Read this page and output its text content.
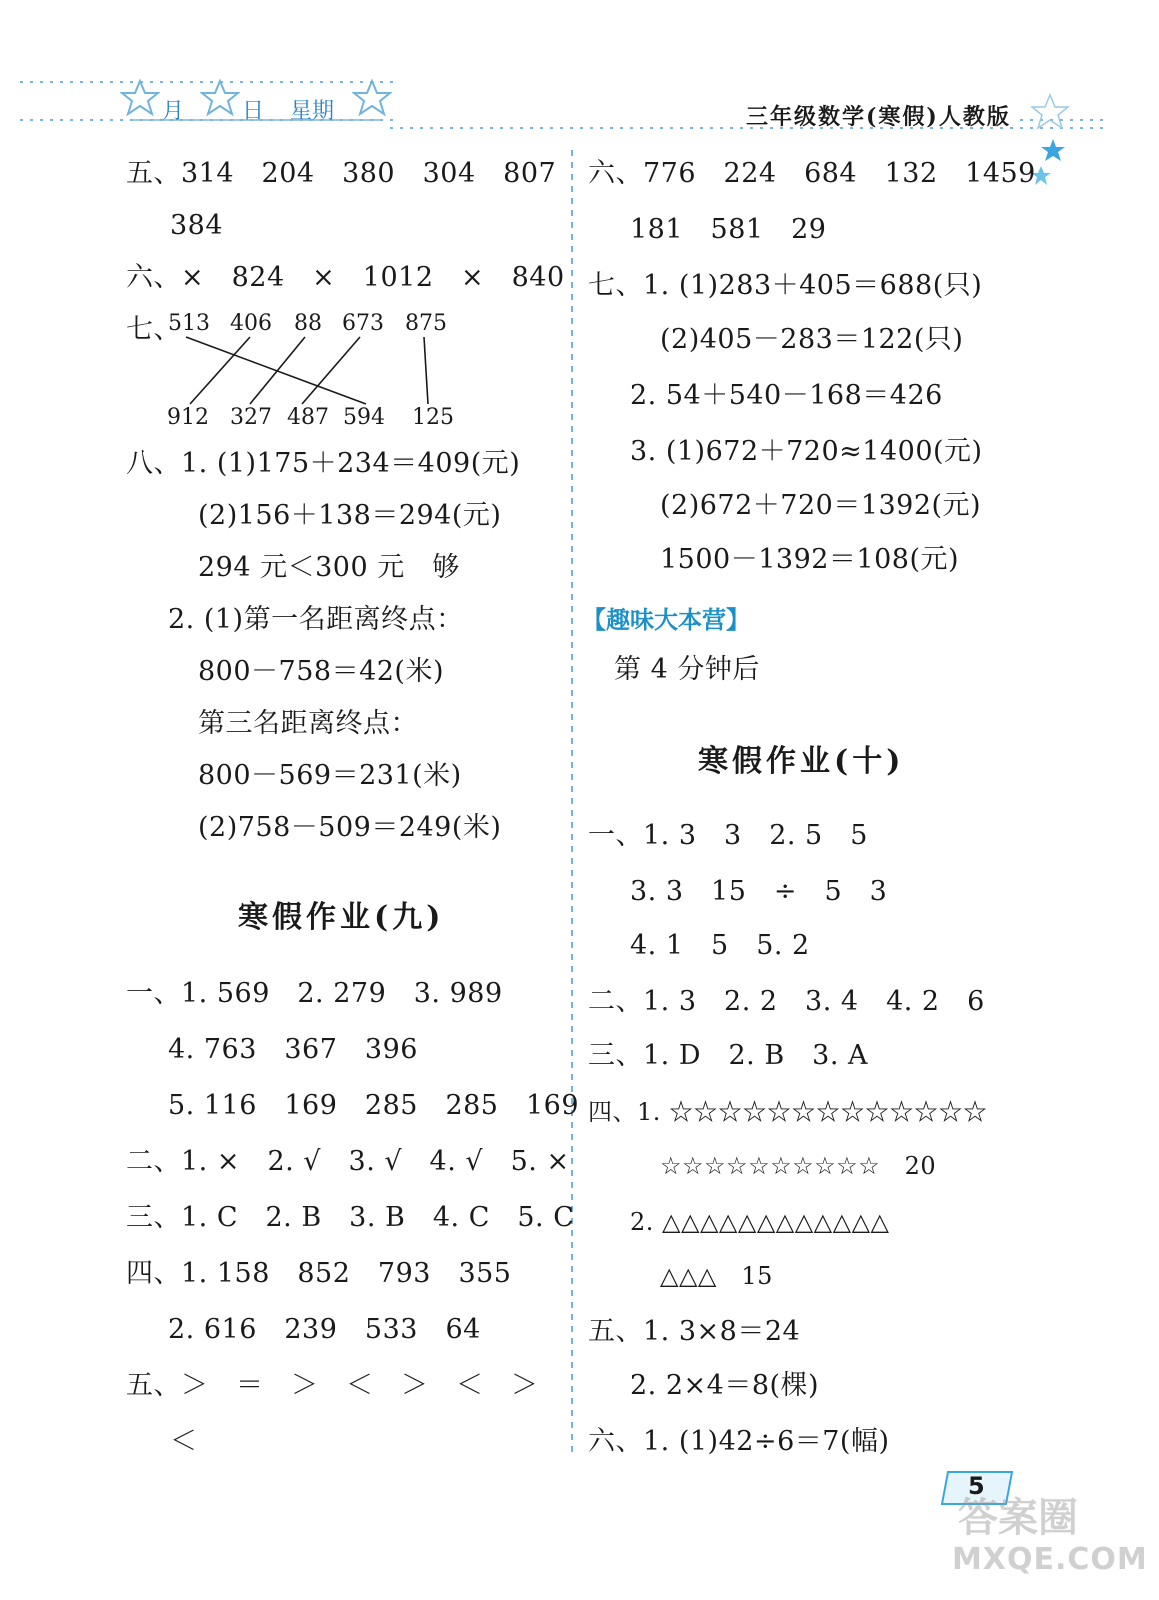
月	日 星期	三年级数学(寒假)人教版
五、314　204　380　304　807
384
六、×　824　×　1012　×　840
七、
513 406 88 673 875
912 327 487 594 125
八、1. (1)175＋234＝409(元)
(2)156＋138＝294(元)
294 元＜300 元　够
2. (1)第一名距离终点：
800－758＝42(米)
第三名距离终点：
800－569＝231(米)
(2)758－509＝249(米)
寒假作业(九)
一、1. 569　2. 279　3. 989
4. 763　367　396
5. 116　169　285　285　169
二、1. ×　2. √　3. √　4. √　5. ×
三、1. C　2. B　3. B　4. C　5. C
四、1. 158　852　793　355
2. 616　239　533　64
五、＞　＝　＞　＜　＞　＜　＞
＜
六、776　224　684　132　1459
181　581　29
七、1. (1)283＋405＝688(只)
(2)405－283＝122(只)
2. 54＋540－168＝426
3. (1)672＋720≈1400(元)
(2)672＋720＝1392(元)
1500－1392＝108(元)
【趣味大本营】
第 4 分钟后
寒假作业(十)
一、1. 3　3　2. 5　5
3. 3　15　÷　5　3
4. 1　5　5. 2
二、1. 3　2. 2　3. 4　4. 2　6
三、1. D　2. B　3. A
四、1. ☆☆☆☆☆☆☆☆☆☆☆☆☆
☆☆☆☆☆☆☆☆☆☆　20
2. △△△△△△△△△△△△
△△△　15
五、1. 3×8＝24
2. 2×4＝8(棵)
六、1. (1)42÷6＝7(幅)
5
答案圈
MXQE.COM
